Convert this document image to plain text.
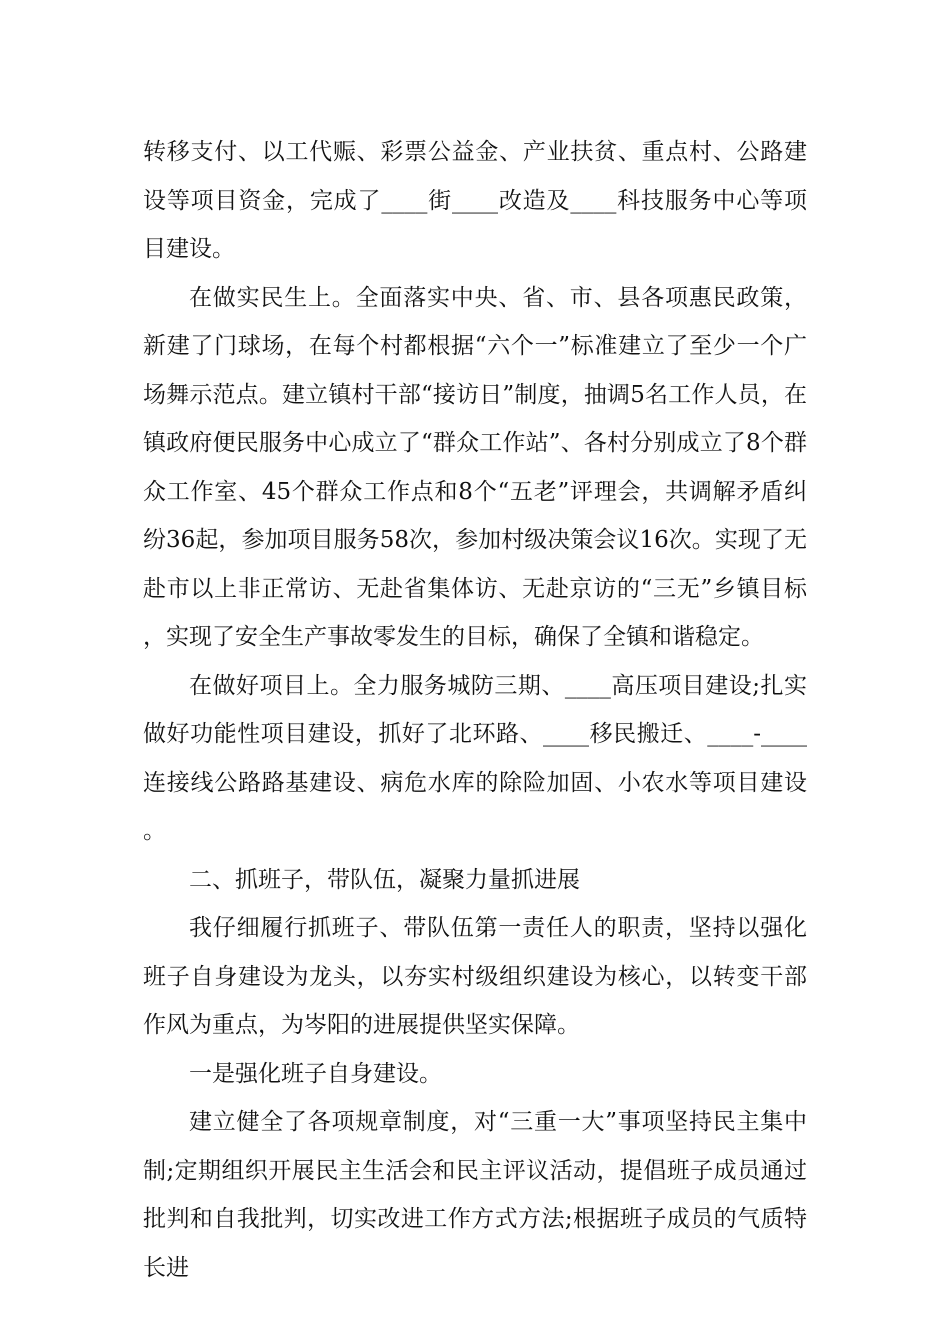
转移支付、以工代赈、彩票公益金、产业扶贫、重点村、公路建设等项目资金，完成了____街____改造及____科技服务中心等项目建设。

在做实民生上。全面落实中央、省、市、县各项惠民政策，新建了门球场，在每个村都根据“六个一”标准建立了至少一个广场舞示范点。建立镇村干部“接访日”制度，抽调5名工作人员，在镇政府便民服务中心成立了“群众工作站”、各村分别成立了8个群众工作室、45个群众工作点和8个“五老”评理会，共调解矛盾纠纷36起，参加项目服务58次，参加村级决策会议16次。实现了无赴市以上非正常访、无赴省集体访、无赴京访的“三无”乡镇目标，实现了安全生产事故零发生的目标，确保了全镇和谐稳定。

在做好项目上。全力服务城防三期、____高压项目建设;扎实做好功能性项目建设，抓好了北环路、____移民搬迁、____-____连接线公路路基建设、病危水库的除险加固、小农水等项目建设。

二、抓班子，带队伍，凝聚力量抓进展

我仔细履行抓班子、带队伍第一责任人的职责，坚持以强化班子自身建设为龙头，以夯实村级组织建设为核心，以转变干部作风为重点，为岑阳的进展提供坚实保障。

一是强化班子自身建设。

建立健全了各项规章制度，对“三重一大”事项坚持民主集中制;定期组织开展民主生活会和民主评议活动，提倡班子成员通过批判和自我批判，切实改进工作方式方法;根据班子成员的气质特长进
